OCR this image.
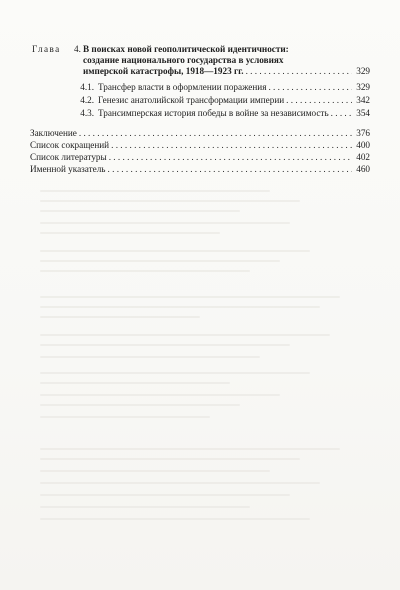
Глава 4. В поисках новой геополитической идентичности:
создание национального государства в условиях
имперской катастрофы, 1918—1923 гг. . . .	329
4.1. Трансфер власти в оформлении поражения . . .	329
4.2. Генезис анатолийской трансформации империи . . .	342
4.3. Трансимперская история победы в войне за независимость . . .	354
Заключение . . .	376
Список сокращений . . .	400
Список литературы . . .	402
Именной указатель . . .	460
